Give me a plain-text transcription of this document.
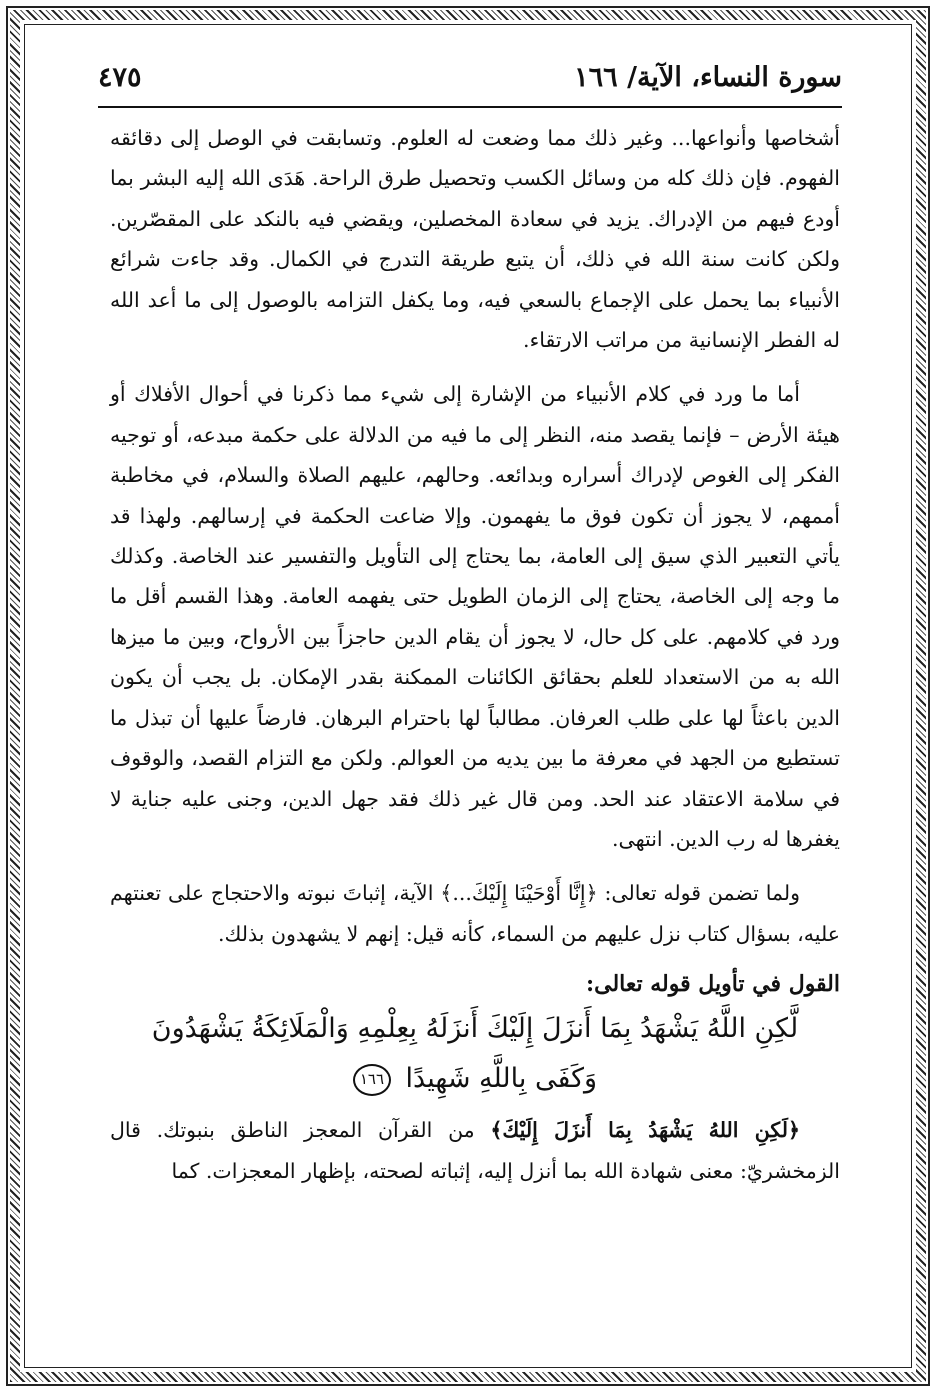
سورة النساء، الآية/ ١٦٦
٤٧٥

أشخاصها وأنواعها... وغير ذلك مما وضعت له العلوم. وتسابقت في الوصل إلى دقائقه الفهوم. فإن ذلك كله من وسائل الكسب وتحصيل طرق الراحة. هَدَى الله إليه البشر بما أودع فيهم من الإدراك. يزيد في سعادة المخصلين، ويقضي فيه بالنكد على المقصّرين. ولكن كانت سنة الله في ذلك، أن يتبع طريقة التدرج في الكمال. وقد جاءت شرائع الأنبياء بما يحمل على الإجماع بالسعي فيه، وما يكفل التزامه بالوصول إلى ما أعد الله له الفطر الإنسانية من مراتب الارتقاء.

أما ما ورد في كلام الأنبياء من الإشارة إلى شيء مما ذكرنا في أحوال الأفلاك أو هيئة الأرض – فإنما يقصد منه، النظر إلى ما فيه من الدلالة على حكمة مبدعه، أو توجيه الفكر إلى الغوص لإدراك أسراره وبدائعه. وحالهم، عليهم الصلاة والسلام، في مخاطبة أممهم، لا يجوز أن تكون فوق ما يفهمون. وإلا ضاعت الحكمة في إرسالهم. ولهذا قد يأتي التعبير الذي سيق إلى العامة، بما يحتاج إلى التأويل والتفسير عند الخاصة. وكذلك ما وجه إلى الخاصة، يحتاج إلى الزمان الطويل حتى يفهمه العامة. وهذا القسم أقل ما ورد في كلامهم. على كل حال، لا يجوز أن يقام الدين حاجزاً بين الأرواح، وبين ما ميزها الله به من الاستعداد للعلم بحقائق الكائنات الممكنة بقدر الإمكان. بل يجب أن يكون الدين باعثاً لها على طلب العرفان. مطالباً لها باحترام البرهان. فارضاً عليها أن تبذل ما تستطيع من الجهد في معرفة ما بين يديه من العوالم. ولكن مع التزام القصد، والوقوف في سلامة الاعتقاد عند الحد. ومن قال غير ذلك فقد جهل الدين، وجنى عليه جناية لا يغفرها له رب الدين. انتهى.

ولما تضمن قوله تعالى: ﴿إِنَّا أَوْحَيْنَا إِلَيْكَ...﴾ الآية، إثباتَ نبوته والاحتجاج على تعنتهم عليه، بسؤال كتاب نزل عليهم من السماء، كأنه قيل: إنهم لا يشهدون بذلك.

القول في تأويل قوله تعالى:

لَّكِنِ اللَّهُ يَشْهَدُ بِمَا أَنزَلَ إِلَيْكَ أَنزَلَهُ بِعِلْمِهِ وَالْمَلَائِكَةُ يَشْهَدُونَ

وَكَفَى بِاللَّهِ شَهِيدًا ١٦٦

﴿لَكِنِ اللهُ يَشْهَدُ بِمَا أَنزَلَ إِلَيْكَ﴾ من القرآن المعجز الناطق بنبوتك. قال الزمخشريّ: معنى شهادة الله بما أنزل إليه، إثباته لصحته، بإظهار المعجزات. كما
